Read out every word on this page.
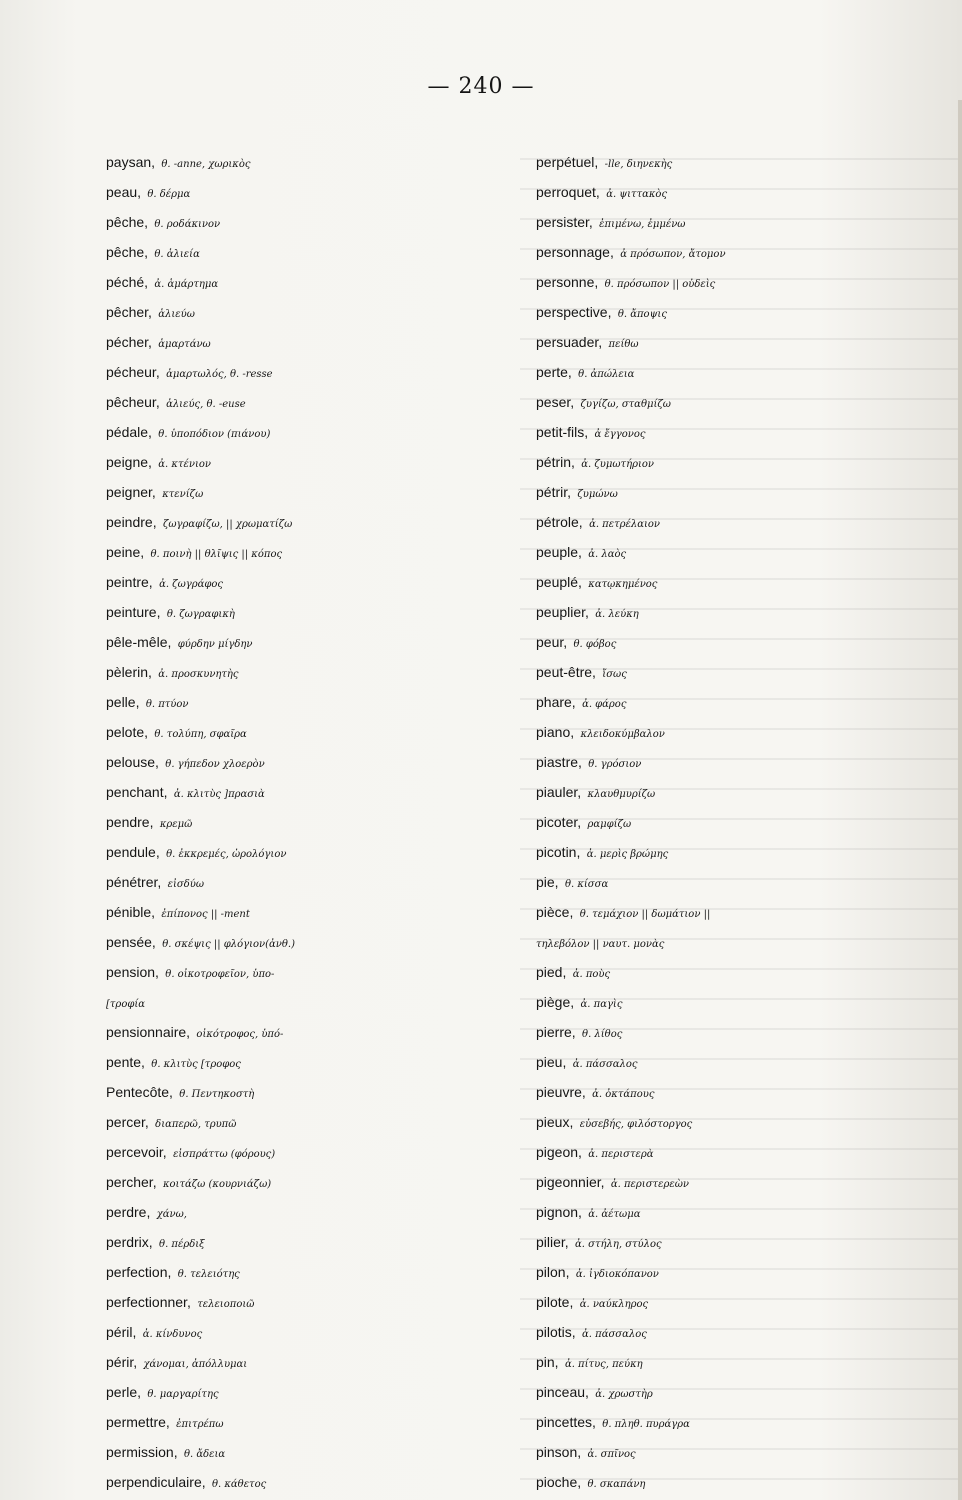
— 240 —
paysan, θ. -anne, χωρικὸς
peau, θ. δέρμα
pêche, θ. ροδάκινον
pêche, θ. ἁλιεία
péché, ἀ. ἁμάρτημα
pêcher, ἁλιεύω
pécher, ἁμαρτάνω
pécheur, ἁμαρτωλός, θ. -resse
pêcheur, ἁλιεύς, θ. -euse
pédale, θ. ὑποπόδιον (πιάνου)
peigne, ἀ. κτένιον
peigner, κτενίζω
peindre, ζωγραφίζω, || χρωματίζω
peine, θ. ποινὴ || θλῖψις || κόπος
peintre, ἀ. ζωγράφος
peinture, θ. ζωγραφικὴ
pêle-mêle, φύρδην μίγδην
pèlerin, ἀ. προσκυνητὴς
pelle, θ. πτύον
pelote, θ. τολύπη, σφαῖρα
pelouse, θ. γήπεδον χλοερὸν
penchant, ἀ. κλιτὺς ]πρασιὰ
pendre, κρεμῶ
pendule, θ. ἐκκρεμές, ὡρολόγιον
pénétrer, εἰσδύω
pénible, ἐπίπονος || -ment
pensée, θ. σκέψις || φλόγιον(ἀνθ.)
pension, θ. οἰκοτροφεῖον, ὑπο-
[τροφία
pensionnaire, οἰκότροφος, ὑπό-
pente, θ. κλιτὺς [τροφος
Pentecôte, θ. Πεντηκοστὴ
percer, διαπερῶ, τρυπῶ
percevoir, εἰσπράττω (φόρους)
percher, κοιτάζω (κουρνιάζω)
perdre, χάνω,
perdrix, θ. πέρδιξ
perfection, θ. τελειότης
perfectionner, τελειοποιῶ
péril, ἀ. κίνδυνος
périr, χάνομαι, ἀπόλλυμαι
perle, θ. μαργαρίτης
permettre, ἐπιτρέπω
permission, θ. ἄδεια
perpendiculaire, θ. κάθετος
perpétuel, -lle, διηνεκὴς
perroquet, ἀ. ψιττακὸς
persister, ἐπιμένω, ἐμμένω
personnage, ἀ πρόσωπον, ἄτομον
personne, θ. πρόσωπον || οὐδεὶς
perspective, θ. ἄποψις
persuader, πείθω
perte, θ. ἀπώλεια
peser, ζυγίζω, σταθμίζω
petit-fils, ἀ ἔγγονος
pétrin, ἀ. ζυμωτήριον
pétrir, ζυμώνω
pétrole, ἀ. πετρέλαιον
peuple, ἀ. λαὸς
peuplé, κατῳκημένος
peuplier, ἀ. λεύκη
peur, θ. φόβος
peut-être, ἴσως
phare, ἀ. φάρος
piano, κλειδοκύμβαλον
piastre, θ. γρόσιον
piauler, κλαυθμυρίζω
picoter, ραμφίζω
picotin, ἀ. μερὶς βρώμης
pie, θ. κίσσα
pièce, θ. τεμάχιον || δωμάτιον ||
τηλεβόλον || ναυτ. μονὰς
pied, ἀ. ποὺς
piège, ἀ. παγὶς
pierre, θ. λίθος
pieu, ἀ. πάσσαλος
pieuvre, ἀ. ὀκτάπους
pieux, εὐσεβής, φιλόστοργος
pigeon, ἀ. περιστερὰ
pigeonnier, ἀ. περιστερεὼν
pignon, ἀ. ἀέτωμα
pilier, ἀ. στήλη, στύλος
pilon, ἀ. ἰγδιοκόπανον
pilote, ἀ. ναύκληρος
pilotis, ἀ. πάσσαλος
pin, ἀ. πίτυς, πεύκη
pinceau, ἀ. χρωστὴρ
pincettes, θ. πληθ. πυράγρα
pinson, ἀ. σπῖνος
pioche, θ. σκαπάνη
